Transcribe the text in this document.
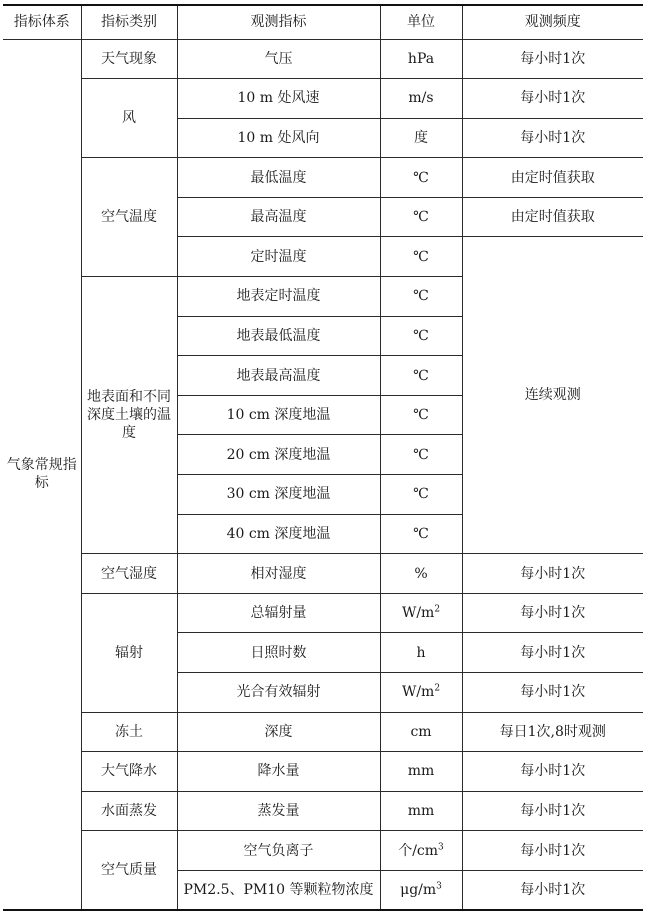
指标体系	指标类别	观测指标	单位	观测频度
气象常规指标	天气现象	气压	hPa	每小时1次
	风	10 m 处风速	m/s	每小时1次
		10 m 处风向	度	每小时1次
	空气温度	最低温度	℃	由定时值获取
		最高温度	℃	由定时值获取
		定时温度	℃	连续观测
	地表面和不同深度土壤的温度	地表定时温度	℃	
		地表最低温度	℃	
		地表最高温度	℃	
		10 cm 深度地温	℃	
		20 cm 深度地温	℃	
		30 cm 深度地温	℃	
		40 cm 深度地温	℃	
	空气湿度	相对湿度	%	每小时1次
	辐射	总辐射量	$W/m^2$	每小时1次
		日照时数	h	每小时1次
		光合有效辐射	$W/m^2$	每小时1次
	冻土	深度	cm	每日1次,8时观测
	大气降水	降水量	mm	每小时1次
	水面蒸发	蒸发量	mm	每小时1次
	空气质量	空气负离子	个$/cm^3$	每小时1次
		PM2.5、PM10 等颗粒物浓度	$\mu g/m^3$	每小时1次
